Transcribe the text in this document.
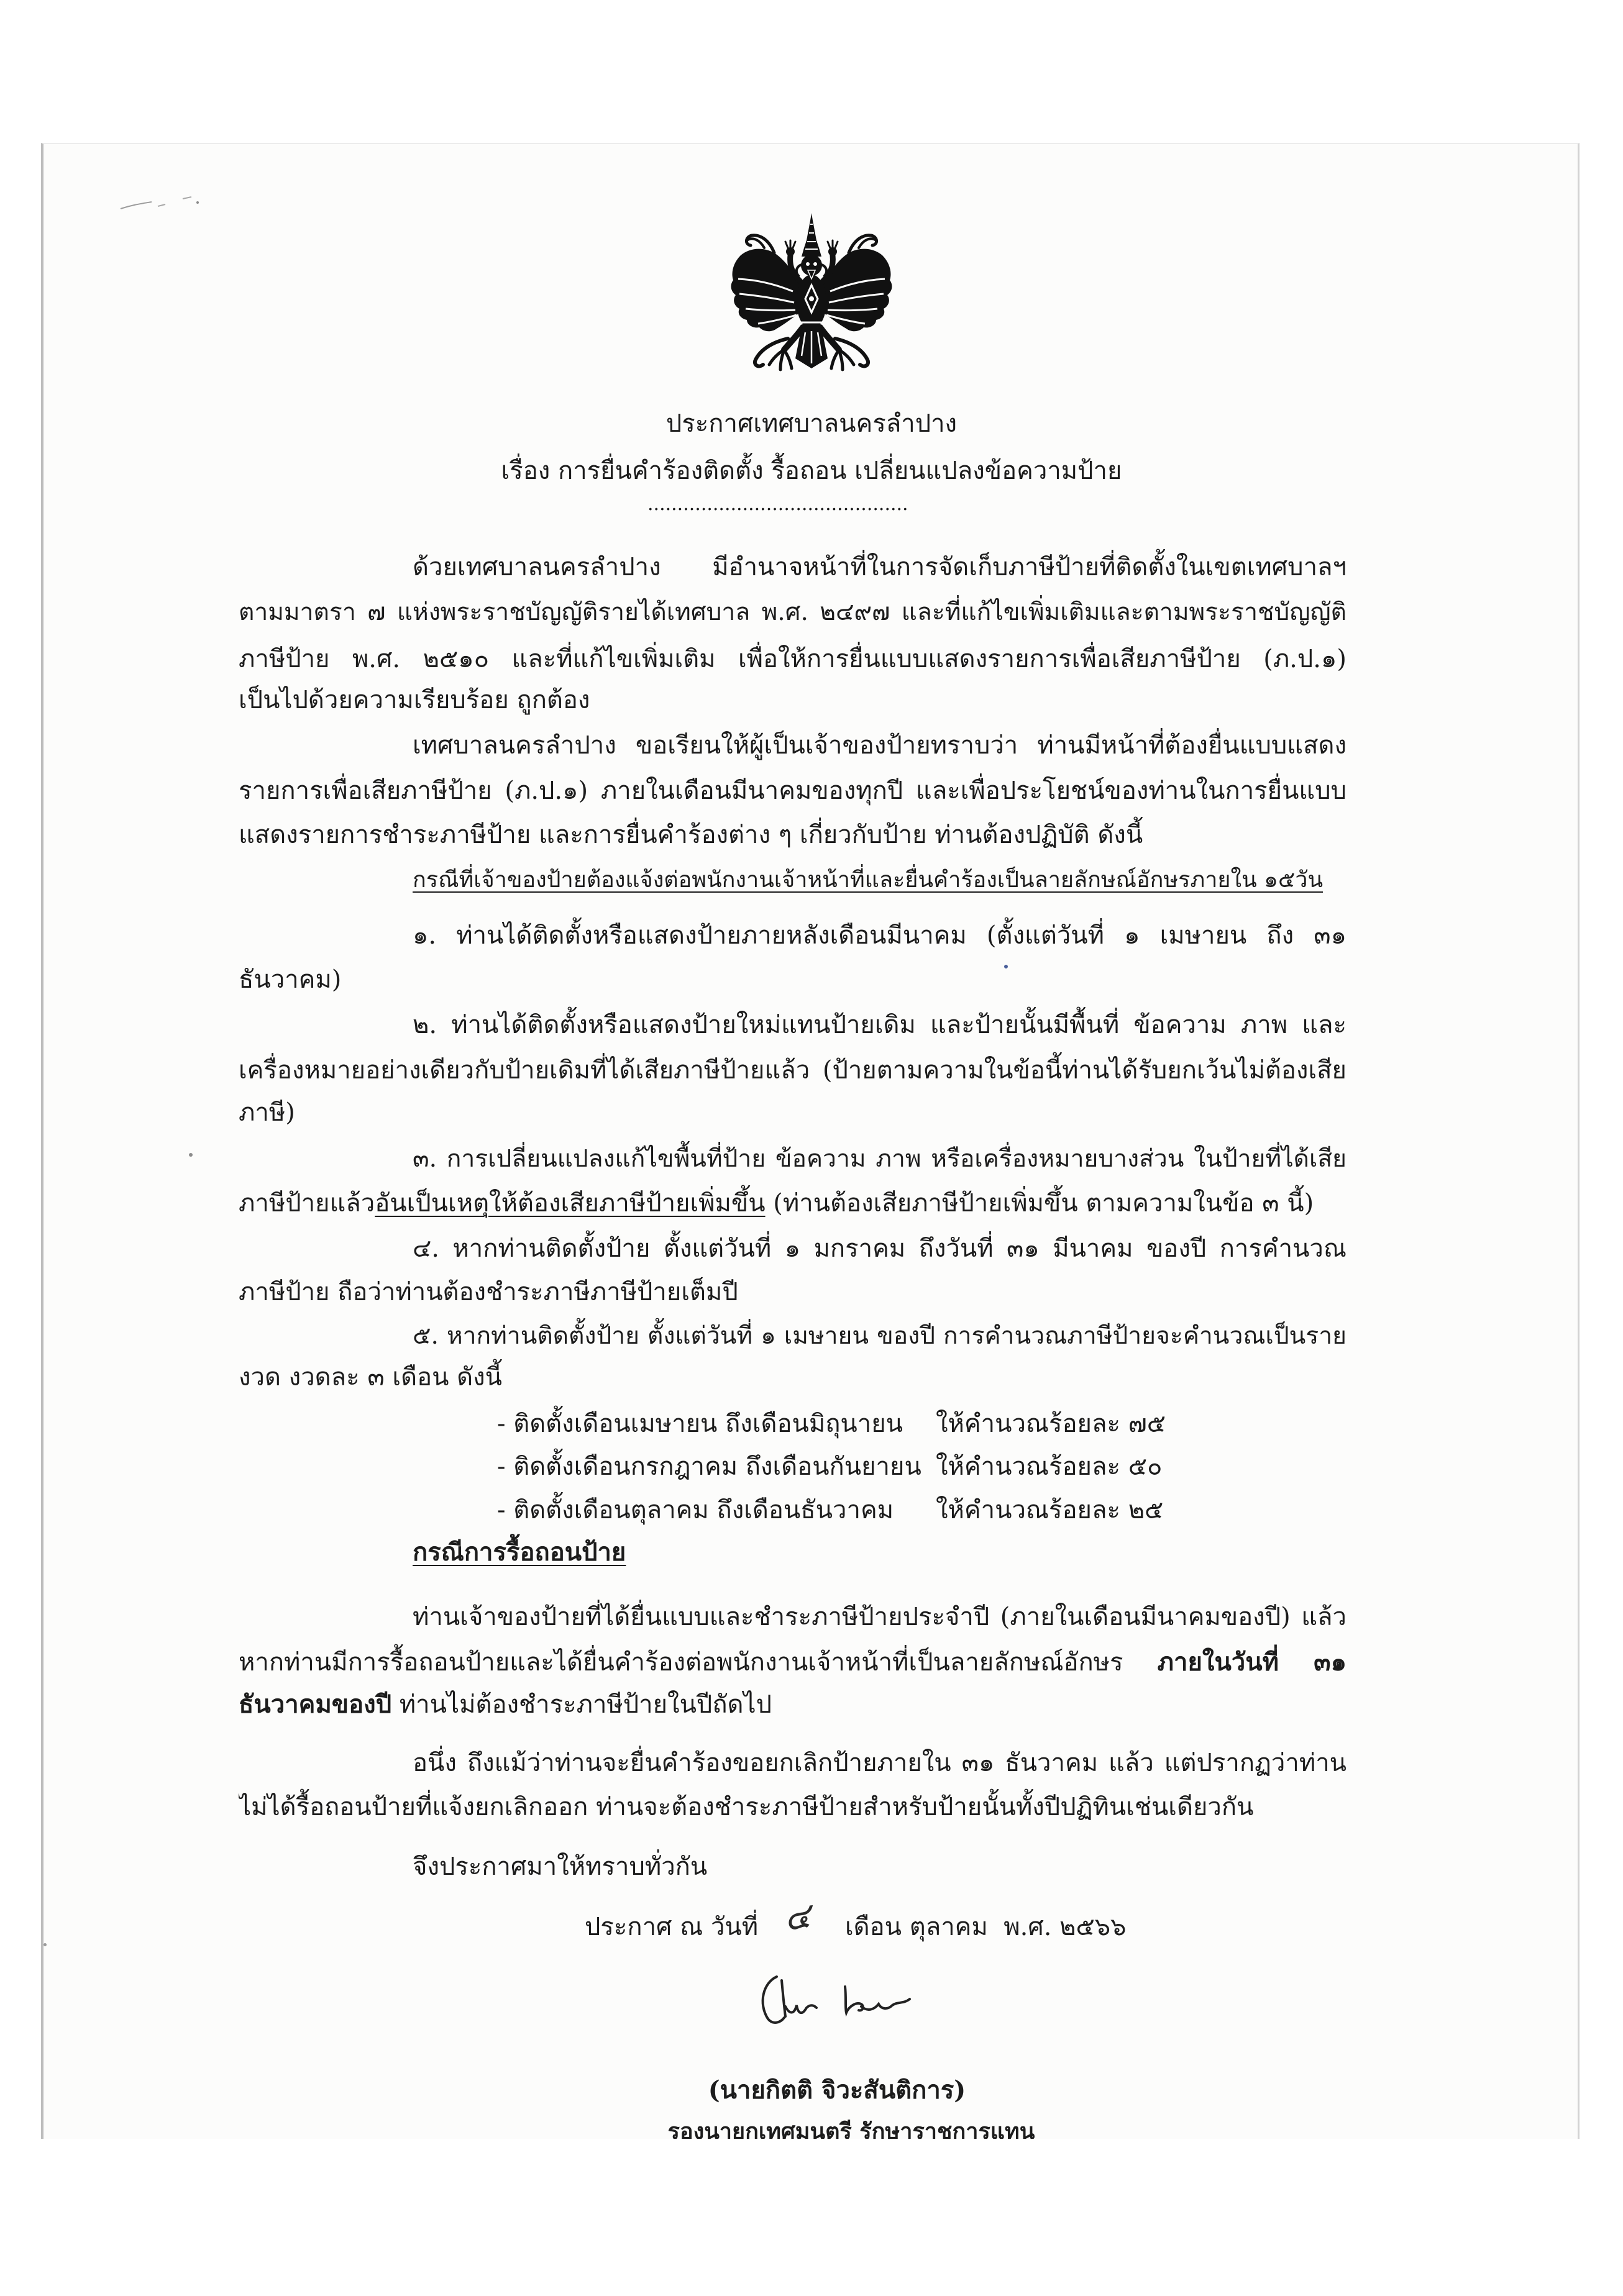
ประกาศเทศบาลนครลำปาง
เรื่อง การยื่นคำร้องติดตั้ง รื้อถอน เปลี่ยนแปลงข้อความป้าย
............................................
ด้วยเทศบาลนครลำปาง มีอำนาจหน้าที่ในการจัดเก็บภาษีป้ายที่ติดตั้งในเขตเทศบาลฯ
ตามมาตรา ๗ แห่งพระราชบัญญัติรายได้เทศบาล พ.ศ. ๒๔๙๗ และที่แก้ไขเพิ่มเติมและตามพระราชบัญญัติ
ภาษีป้าย พ.ศ. ๒๕๑๐ และที่แก้ไขเพิ่มเติม เพื่อให้การยื่นแบบแสดงรายการเพื่อเสียภาษีป้าย (ภ.ป.๑)
เป็นไปด้วยความเรียบร้อย ถูกต้อง
เทศบาลนครลำปาง ขอเรียนให้ผู้เป็นเจ้าของป้ายทราบว่า ท่านมีหน้าที่ต้องยื่นแบบแสดง
รายการเพื่อเสียภาษีป้าย (ภ.ป.๑) ภายในเดือนมีนาคมของทุกปี และเพื่อประโยชน์ของท่านในการยื่นแบบ
แสดงรายการชำระภาษีป้าย และการยื่นคำร้องต่าง ๆ เกี่ยวกับป้าย ท่านต้องปฏิบัติ ดังนี้
กรณีที่เจ้าของป้ายต้องแจ้งต่อพนักงานเจ้าหน้าที่และยื่นคำร้องเป็นลายลักษณ์อักษรภายใน ๑๕วัน
๑. ท่านได้ติดตั้งหรือแสดงป้ายภายหลังเดือนมีนาคม (ตั้งแต่วันที่ ๑ เมษายน ถึง ๓๑
ธันวาคม)
๒. ท่านได้ติดตั้งหรือแสดงป้ายใหม่แทนป้ายเดิม และป้ายนั้นมีพื้นที่ ข้อความ ภาพ และ
เครื่องหมายอย่างเดียวกับป้ายเดิมที่ได้เสียภาษีป้ายแล้ว (ป้ายตามความในข้อนี้ท่านได้รับยกเว้นไม่ต้องเสีย
ภาษี)
๓. การเปลี่ยนแปลงแก้ไขพื้นที่ป้าย ข้อความ ภาพ หรือเครื่องหมายบางส่วน ในป้ายที่ได้เสีย
ภาษีป้ายแล้วอันเป็นเหตุให้ต้องเสียภาษีป้ายเพิ่มขึ้น (ท่านต้องเสียภาษีป้ายเพิ่มขึ้น ตามความในข้อ ๓ นี้)
๔. หากท่านติดตั้งป้าย ตั้งแต่วันที่ ๑ มกราคม ถึงวันที่ ๓๑ มีนาคม ของปี การคำนวณ
ภาษีป้าย ถือว่าท่านต้องชำระภาษีภาษีป้ายเต็มปี
๕. หากท่านติดตั้งป้าย ตั้งแต่วันที่ ๑ เมษายน ของปี การคำนวณภาษีป้ายจะคำนวณเป็นราย
งวด งวดละ ๓ เดือน ดังนี้
- ติดตั้งเดือนเมษายน ถึงเดือนมิถุนายน	ให้คำนวณร้อยละ ๗๕
- ติดตั้งเดือนกรกฎาคม ถึงเดือนกันยายน ให้คำนวณร้อยละ ๕๐
- ติดตั้งเดือนตุลาคม ถึงเดือนธันวาคม	ให้คำนวณร้อยละ ๒๕
กรณีการรื้อถอนป้าย
ท่านเจ้าของป้ายที่ได้ยื่นแบบและชำระภาษีป้ายประจำปี (ภายในเดือนมีนาคมของปี) แล้ว
หากท่านมีการรื้อถอนป้ายและได้ยื่นคำร้องต่อพนักงานเจ้าหน้าที่เป็นลายลักษณ์อักษร ภายในวันที่ ๓๑
ธันวาคมของปี ท่านไม่ต้องชำระภาษีป้ายในปีถัดไป
อนึ่ง ถึงแม้ว่าท่านจะยื่นคำร้องขอยกเลิกป้ายภายใน ๓๑ ธันวาคม แล้ว แต่ปรากฏว่าท่าน
ไม่ได้รื้อถอนป้ายที่แจ้งยกเลิกออก ท่านจะต้องชำระภาษีป้ายสำหรับป้ายนั้นทั้งปีปฏิทินเช่นเดียวกัน
จึงประกาศมาให้ทราบทั่วกัน
ประกาศ ณ วันที่ ๔ เดือน ตุลาคม  พ.ศ. ๒๕๖๖
(นายกิตติ จิวะสันติการ)
รองนายกเทศมนตรี รักษาราชการแทน
